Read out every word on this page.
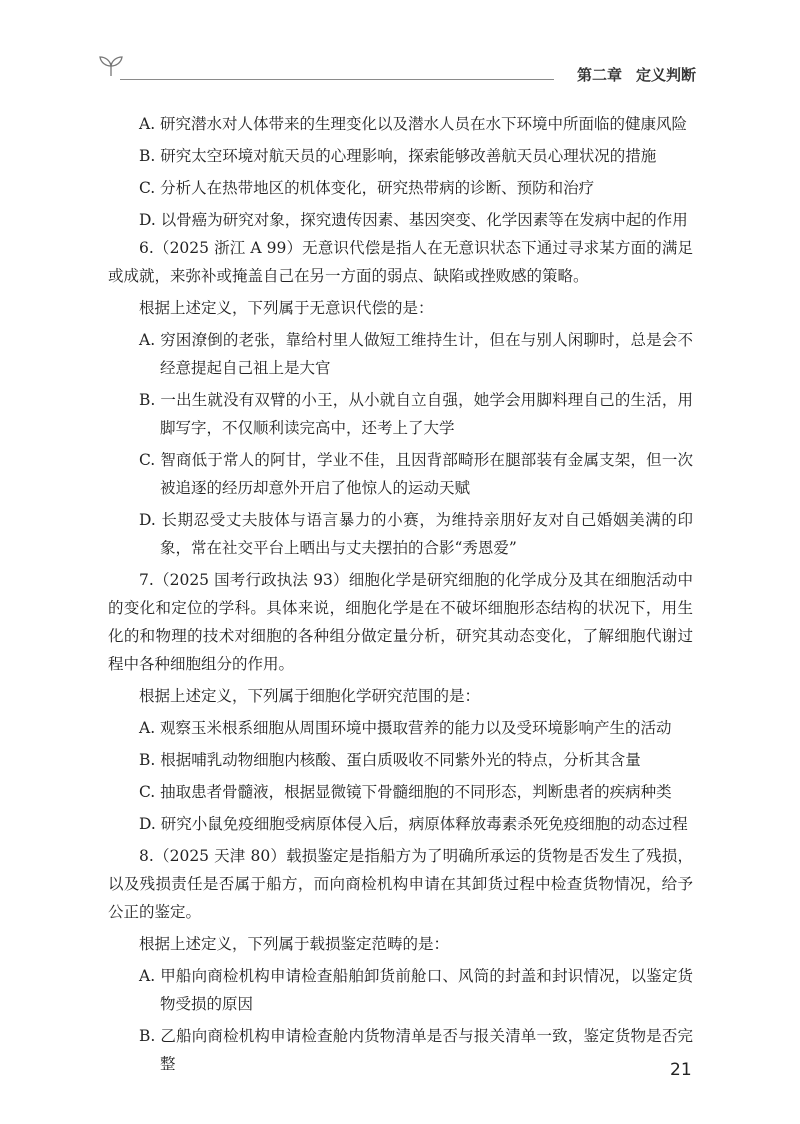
第二章 定义判断
A. 研究潜水对人体带来的生理变化以及潜水人员在水下环境中所面临的健康风险
B. 研究太空环境对航天员的心理影响，探索能够改善航天员心理状况的措施
C. 分析人在热带地区的机体变化，研究热带病的诊断、预防和治疗
D. 以骨癌为研究对象，探究遗传因素、基因突变、化学因素等在发病中起的作用
6.（2025 浙江 A 99）无意识代偿是指人在无意识状态下通过寻求某方面的满足或成就，来弥补或掩盖自己在另一方面的弱点、缺陷或挫败感的策略。
根据上述定义，下列属于无意识代偿的是：
A. 穷困潦倒的老张，靠给村里人做短工维持生计，但在与别人闲聊时，总是会不经意提起自己祖上是大官
B. 一出生就没有双臂的小王，从小就自立自强，她学会用脚料理自己的生活，用脚写字，不仅顺利读完高中，还考上了大学
C. 智商低于常人的阿甘，学业不佳，且因背部畸形在腿部装有金属支架，但一次被追逐的经历却意外开启了他惊人的运动天赋
D. 长期忍受丈夫肢体与语言暴力的小赛，为维持亲朋好友对自己婚姻美满的印象，常在社交平台上晒出与丈夫摆拍的合影“秀恩爱”
7.（2025 国考行政执法 93）细胞化学是研究细胞的化学成分及其在细胞活动中的变化和定位的学科。具体来说，细胞化学是在不破坏细胞形态结构的状况下，用生化的和物理的技术对细胞的各种组分做定量分析，研究其动态变化，了解细胞代谢过程中各种细胞组分的作用。
根据上述定义，下列属于细胞化学研究范围的是：
A. 观察玉米根系细胞从周围环境中摄取营养的能力以及受环境影响产生的活动
B. 根据哺乳动物细胞内核酸、蛋白质吸收不同紫外光的特点，分析其含量
C. 抽取患者骨髓液，根据显微镜下骨髓细胞的不同形态，判断患者的疾病种类
D. 研究小鼠免疫细胞受病原体侵入后，病原体释放毒素杀死免疫细胞的动态过程
8.（2025 天津 80）载损鉴定是指船方为了明确所承运的货物是否发生了残损，以及残损责任是否属于船方，而向商检机构申请在其卸货过程中检查货物情况，给予公正的鉴定。
根据上述定义，下列属于载损鉴定范畴的是：
A. 甲船向商检机构申请检查船舶卸货前舱口、风筒的封盖和封识情况，以鉴定货物受损的原因
B. 乙船向商检机构申请检查舱内货物清单是否与报关清单一致，鉴定货物是否完整	21
